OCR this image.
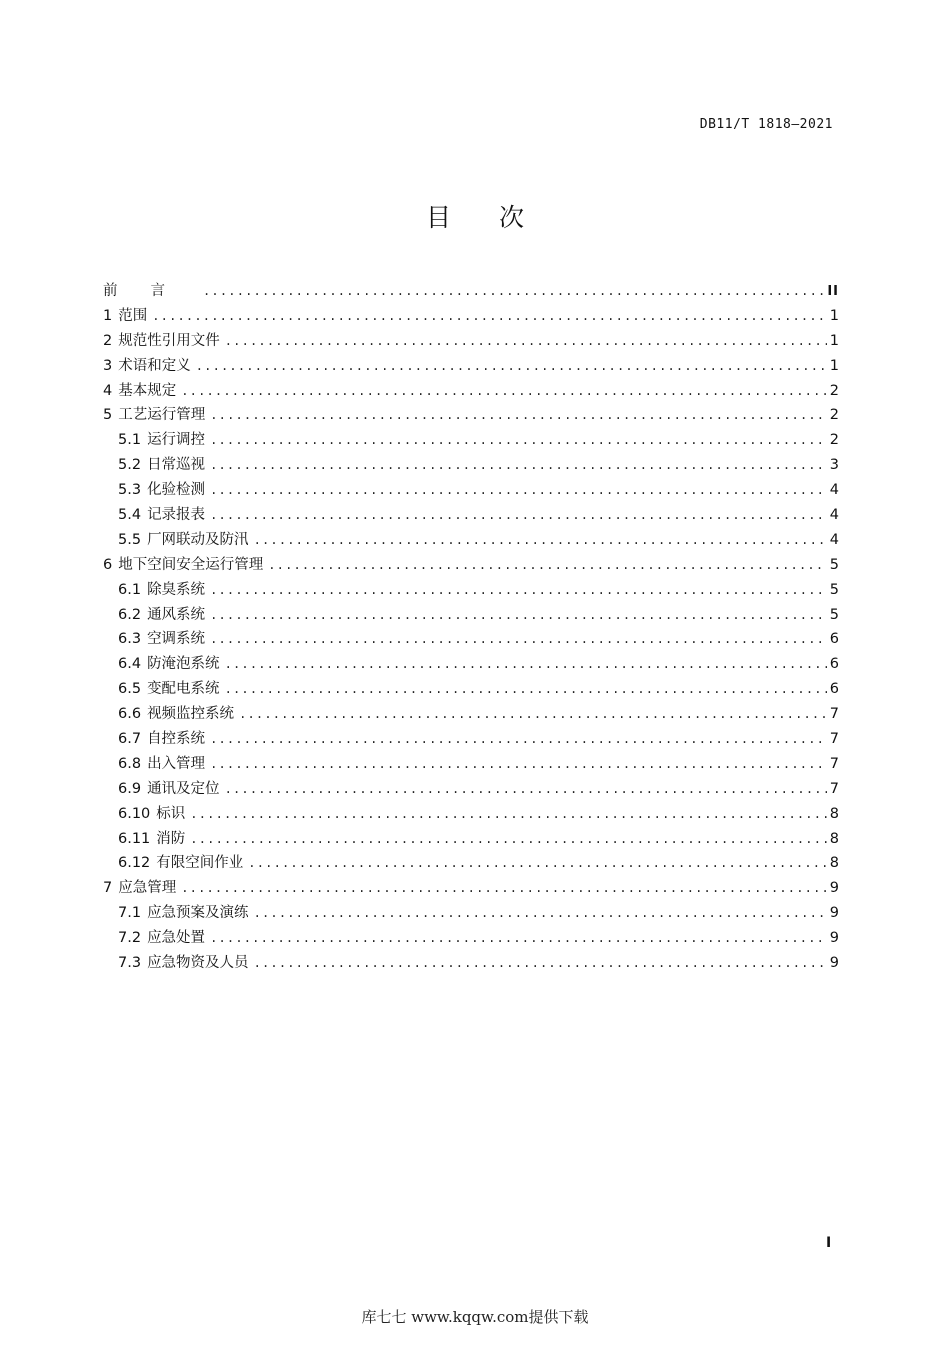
DB11/T 1818—2021
目 次
前言 .....	II
1 范围 .....	1
2 规范性引用文件 .....	1
3 术语和定义 .....	1
4 基本规定 .....	2
5 工艺运行管理 .....	2
5.1 运行调控 .....	2
5.2 日常巡视 .....	3
5.3 化验检测 .....	4
5.4 记录报表 .....	4
5.5 厂网联动及防汛 .....	4
6 地下空间安全运行管理 .....	5
6.1 除臭系统 .....	5
6.2 通风系统 .....	5
6.3 空调系统 .....	6
6.4 防淹泡系统 .....	6
6.5 变配电系统 .....	6
6.6 视频监控系统 .....	7
6.7 自控系统 .....	7
6.8 出入管理 .....	7
6.9 通讯及定位 .....	7
6.10 标识 .....	8
6.11 消防 .....	8
6.12 有限空间作业 .....	8
7 应急管理 .....	9
7.1 应急预案及演练 .....	9
7.2 应急处置 .....	9
7.3 应急物资及人员 .....	9
I
库七七 www.kqqw.com提供下载
